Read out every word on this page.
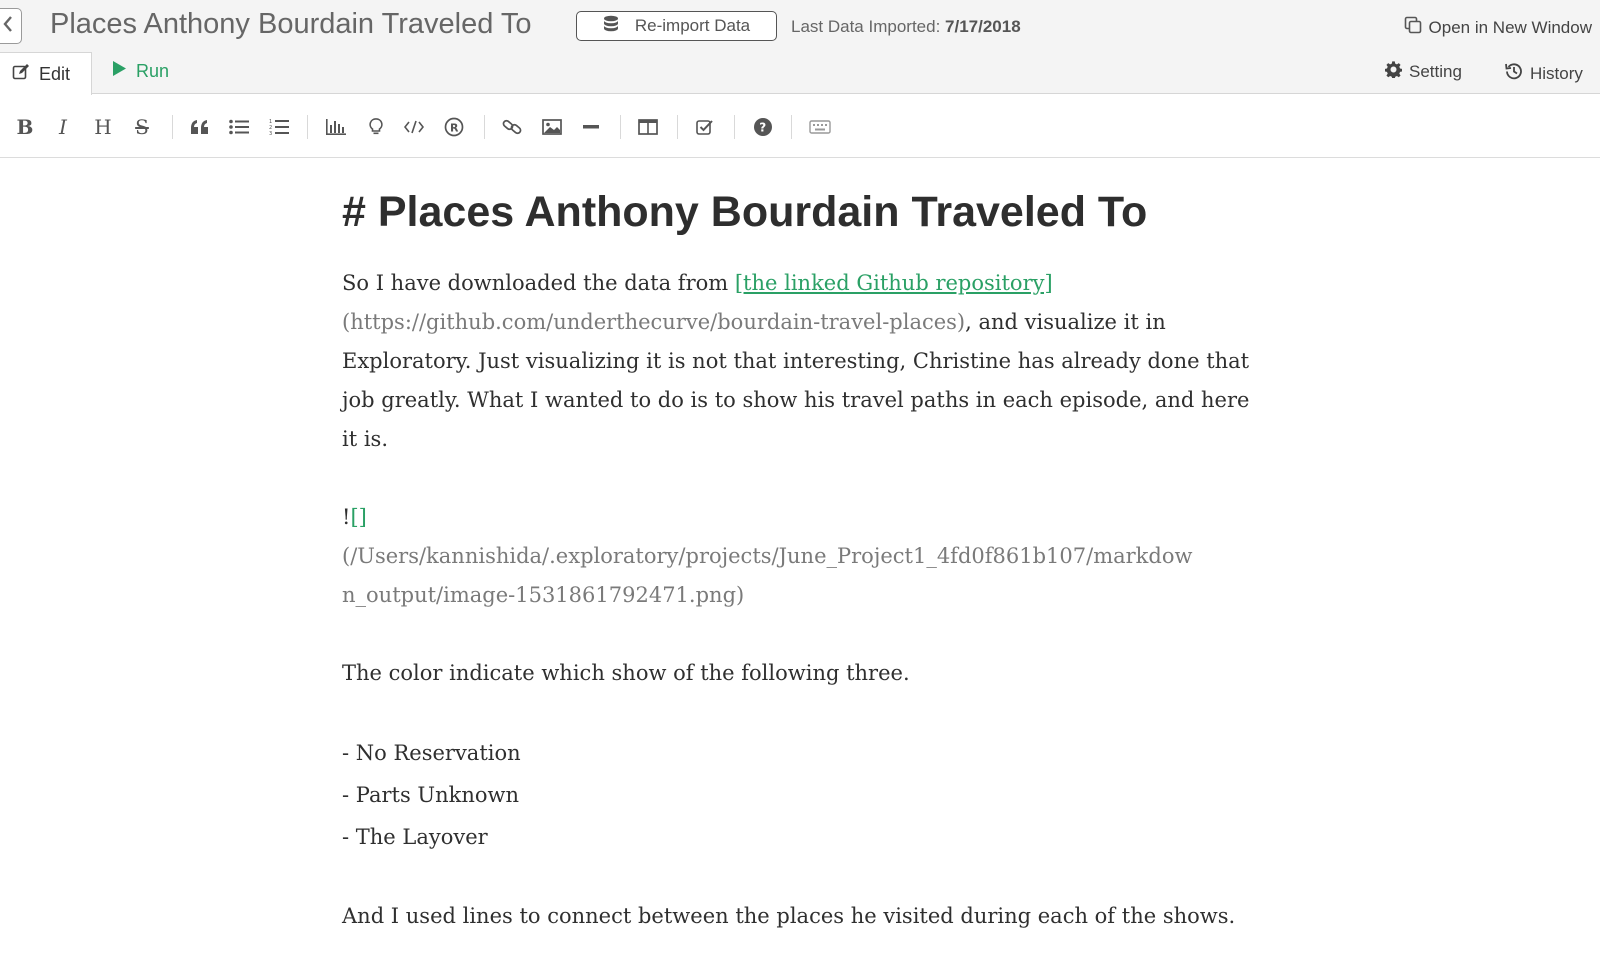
Places Anthony Bourdain Traveled To	Re-import Data Last Data Imported: 7/17/2018	Open in New Window
Edit	Run	Setting	History
B I H S	1
2
3	R	?
# Places Anthony Bourdain Traveled To
So I have downloaded the data from [the linked Github repository]
(https://github.com/underthecurve/bourdain-travel-places), and visualize it in Exploratory. Just visualizing it is not that interesting, Christine has already done that job greatly. What I wanted to do is to show his travel paths in each episode, and here it is.
![]
(/Users/kannishida/.exploratory/projects/June_Project1_4fd0f861b107/markdow
n_output/image-1531861792471.png)
The color indicate which show of the following three.
- No Reservation
- Parts Unknown
- The Layover
And I used lines to connect between the places he visited during each of the shows.
